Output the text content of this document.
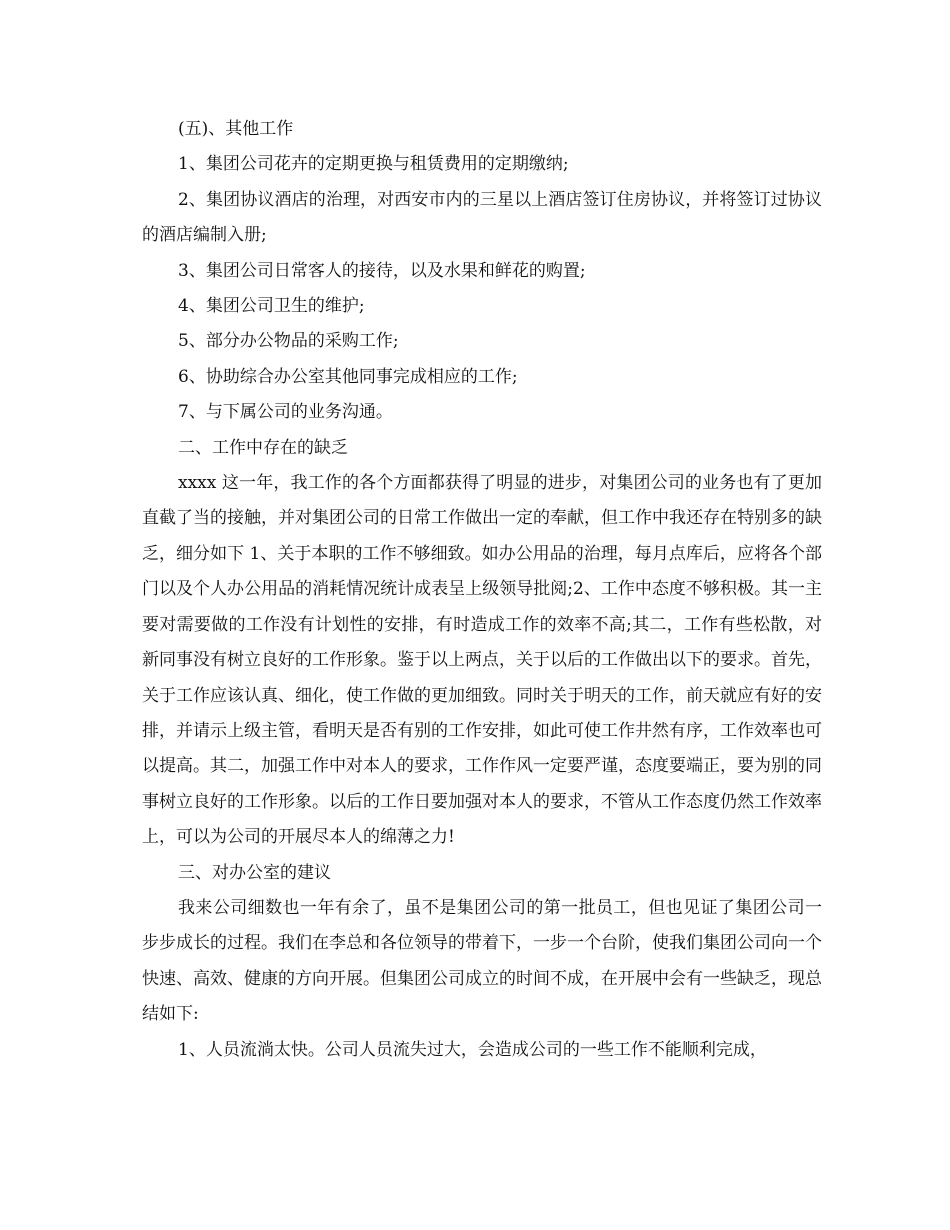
(五)、其他工作

1、集团公司花卉的定期更换与租赁费用的定期缴纳;

2、集团协议酒店的治理，对西安市内的三星以上酒店签订住房协议，并将签订过协议的酒店编制入册;

3、集团公司日常客人的接待，以及水果和鲜花的购置;

4、集团公司卫生的维护;

5、部分办公物品的采购工作;

6、协助综合办公室其他同事完成相应的工作;

7、与下属公司的业务沟通。

二、工作中存在的缺乏

xxxx 这一年，我工作的各个方面都获得了明显的进步，对集团公司的业务也有了更加直截了当的接触，并对集团公司的日常工作做出一定的奉献，但工作中我还存在特别多的缺乏，细分如下 1、关于本职的工作不够细致。如办公用品的治理，每月点库后，应将各个部门以及个人办公用品的消耗情况统计成表呈上级领导批阅;2、工作中态度不够积极。其一主要对需要做的工作没有计划性的安排，有时造成工作的效率不高;其二，工作有些松散，对新同事没有树立良好的工作形象。鉴于以上两点，关于以后的工作做出以下的要求。首先，关于工作应该认真、细化，使工作做的更加细致。同时关于明天的工作，前天就应有好的安排，并请示上级主管，看明天是否有别的工作安排，如此可使工作井然有序，工作效率也可以提高。其二，加强工作中对本人的要求，工作作风一定要严谨，态度要端正，要为别的同事树立良好的工作形象。以后的工作日要加强对本人的要求，不管从工作态度仍然工作效率上，可以为公司的开展尽本人的绵薄之力!

三、对办公室的建议

我来公司细数也一年有余了，虽不是集团公司的第一批员工，但也见证了集团公司一步步成长的过程。我们在李总和各位领导的带着下，一步一个台阶，使我们集团公司向一个快速、高效、健康的方向开展。但集团公司成立的时间不成，在开展中会有一些缺乏，现总结如下:

1、人员流淌太快。公司人员流失过大，会造成公司的一些工作不能顺利完成，
